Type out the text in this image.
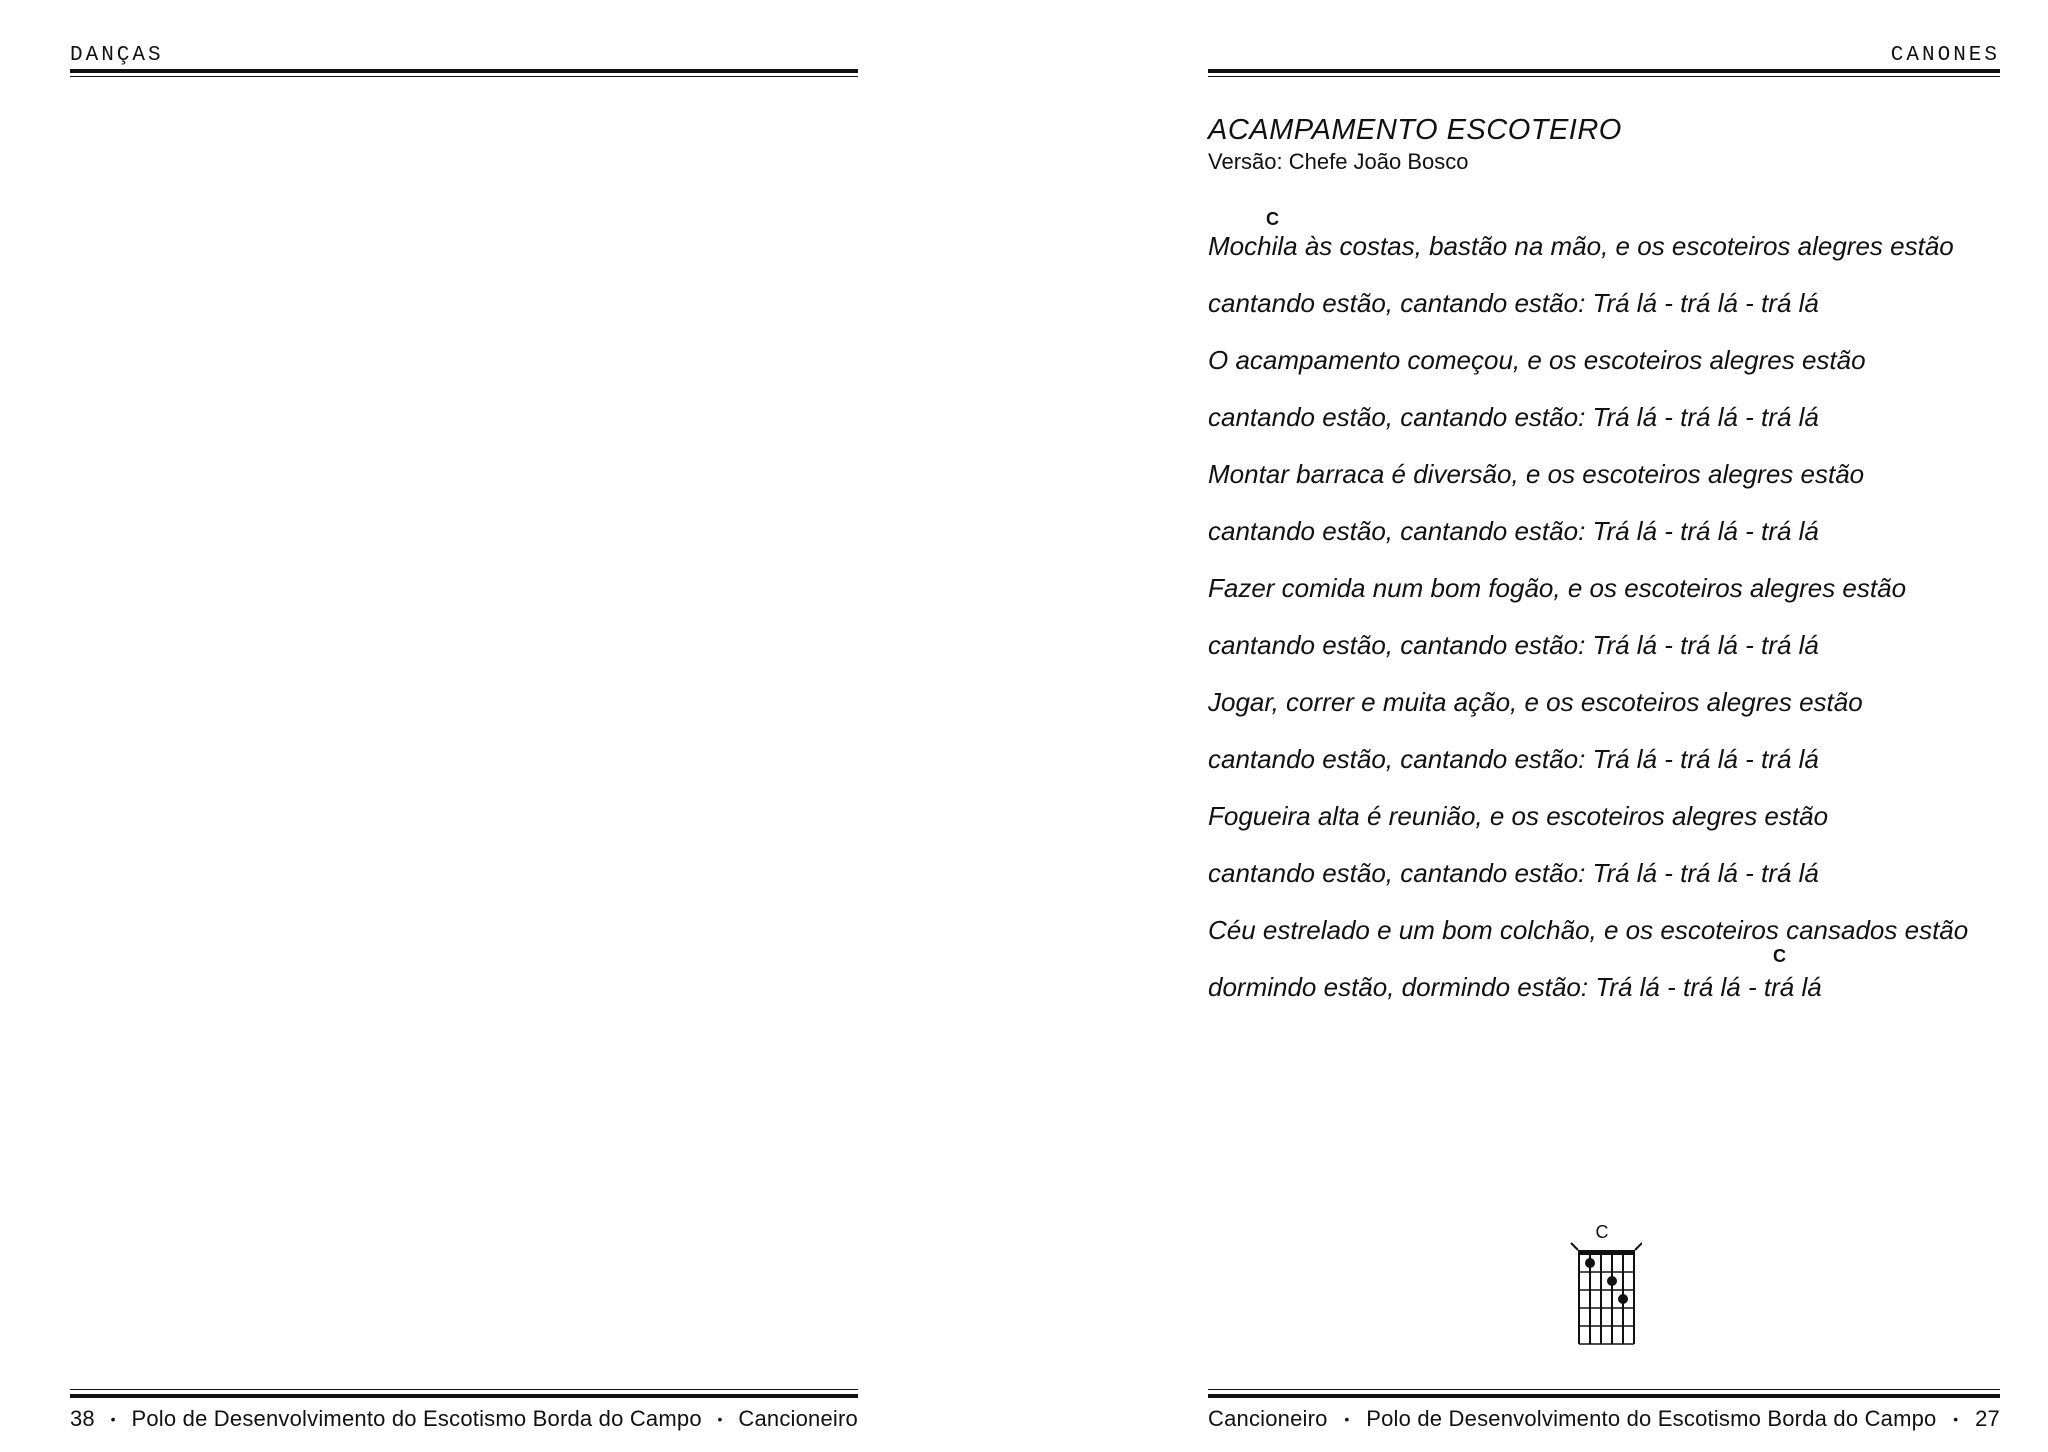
DANÇAS
38 • Polo de Desenvolvimento do Escotismo Borda do Campo • Cancioneiro
CANONES
ACAMPAMENTO ESCOTEIRO
Versão: Chefe João Bosco
C
Mochila às costas, bastão na mão, e os escoteiros alegres estão
cantando estão, cantando estão: Trá lá - trá lá - trá lá
O acampamento começou, e os escoteiros alegres estão
cantando estão, cantando estão: Trá lá - trá lá - trá lá
Montar barraca é diversão, e os escoteiros alegres estão
cantando estão, cantando estão: Trá lá - trá lá - trá lá
Fazer comida num bom fogão, e os escoteiros alegres estão
cantando estão, cantando estão: Trá lá - trá lá - trá lá
Jogar, correr e muita ação, e os escoteiros alegres estão
cantando estão, cantando estão: Trá lá - trá lá - trá lá
Fogueira alta é reunião, e os escoteiros alegres estão
cantando estão, cantando estão: Trá lá - trá lá - trá lá
Céu estrelado e um bom colchão, e os escoteiros cansados estão
dormindo estão, dormindo estão: Trá lá - trá lá - trá lá
C
C
Cancioneiro • Polo de Desenvolvimento do Escotismo Borda do Campo • 27
